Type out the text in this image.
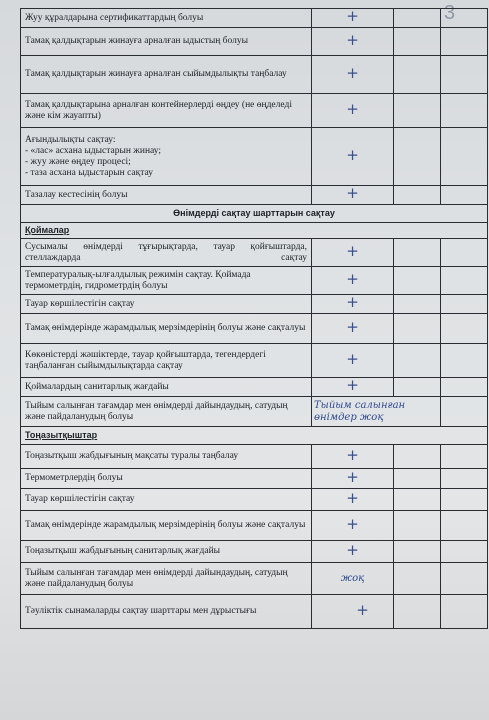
3
Жуу құралдарына сертификаттардың болуы	+		
Тамақ қалдықтарын жинауға арналған ыдыстың болуы	+		
Тамақ қалдықтарын жинауға арналған сыйымдылықты таңбалау	+		
Тамақ қалдықтарына арналған контейнерлерді өңдеу (не өңделеді және кім жауапты)	+		

Ағындылықты сақтау:
- «лас» асхана ыдыстарын жинау;
- жуу және өңдеу процесі;
- таза асхана ыдыстарын сақтау	+		
Тазалау кестесінің болуы	+		
Өнімдерді сақтау шарттарын сақтау			
Қоймалар			
Сусымалы өнімдерді тұғырықтарда, тауар қойғыштарда, стеллаждарда сақтау	+		
Температуралық-ылғалдылық режимін сақтау. Қоймада термометрдің, гидрометрдің болуы	+		
Тауар көршілестігін сақтау	+		
Тамақ өнімдерінде жарамдылық мерзімдерінің болуы және сақталуы	+		
Көкөністерді жәшіктерде, тауар қойғыштарда, тегендердегі таңбаланған сыйымдылықтарда сақтау	+		
Қоймалардың санитарлық жағдайы	+		
Тыйым салынған тағамдар мен өнімдерді дайындаудың, сатудың және пайдаланудың болуы	Тыйым салынған
өнімдер жоқ		

Тоңазытқыштар			
Тоңазытқыш жабдығының мақсаты туралы таңбалау	+		
Термометрлердің болуы	+		
Тауар көршілестігін сақтау	+		
Тамақ өнімдерінде жарамдылық мерзімдерінің болуы және сақталуы	+		
Тоңазытқыш жабдығының санитарлық жағдайы	+		
Тыйым салынған тағамдар мен өнімдерді дайындаудың, сатудың және пайдаланудың болуы	жоқ		

Тәуліктік сынамаларды сақтау шарттары мен дұрыстығы	+		
